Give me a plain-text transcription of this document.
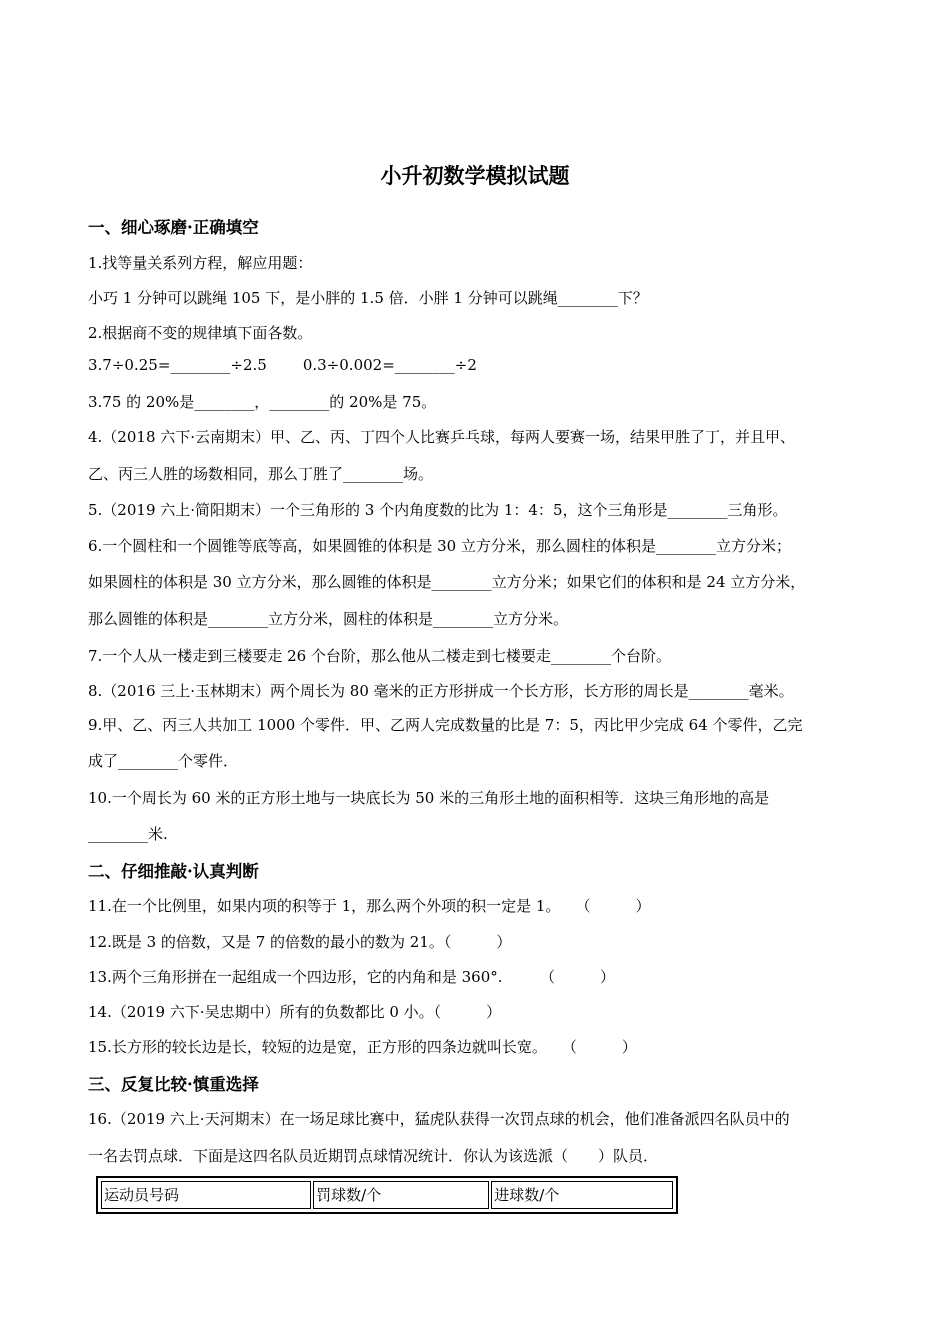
小升初数学模拟试题
一、细心琢磨·正确填空
1.找等量关系列方程，解应用题：
小巧 1 分钟可以跳绳 105 下，是小胖的 1.5 倍．小胖 1 分钟可以跳绳________下？
2.根据商不变的规律填下面各数。
3.7÷0.25=________÷2.5 0.3÷0.002=________÷2
3.75 的 20%是________，________的 20%是 75。
4.（2018 六下·云南期末）甲、乙、丙、丁四个人比赛乒乓球，每两人要赛一场，结果甲胜了丁，并且甲、
乙、丙三人胜的场数相同，那么丁胜了________场。
5.（2019 六上·简阳期末）一个三角形的 3 个内角度数的比为 1：4：5，这个三角形是________三角形。
6.一个圆柱和一个圆锥等底等高，如果圆锥的体积是 30 立方分米，那么圆柱的体积是________立方分米；
如果圆柱的体积是 30 立方分米，那么圆锥的体积是________立方分米；如果它们的体积和是 24 立方分米，
那么圆锥的体积是________立方分米，圆柱的体积是________立方分米。
7.一个人从一楼走到三楼要走 26 个台阶，那么他从二楼走到七楼要走________个台阶。
8.（2016 三上·玉林期末）两个周长为 80 毫米的正方形拼成一个长方形，长方形的周长是________毫米。
9.甲、乙、丙三人共加工 1000 个零件．甲、乙两人完成数量的比是 7：5，丙比甲少完成 64 个零件，乙完
成了________个零件．
10.一个周长为 60 米的正方形土地与一块底长为 50 米的三角形土地的面积相等．这块三角形地的高是
________米.
二、仔细推敲·认真判断
11.在一个比例里，如果内项的积等于 1，那么两个外项的积一定是 1。　　（　　　）
12.既是 3 的倍数，又是 7 的倍数的最小的数为 21。（　　　）
13.两个三角形拼在一起组成一个四边形，它的内角和是 360°.　　　（　　　）
14.（2019 六下·吴忠期中）所有的负数都比 0 小。（　　　）
15.长方形的较长边是长，较短的边是宽，正方形的四条边就叫长宽。　　（　　　）
三、反复比较·慎重选择
16.（2019 六上·天河期末）在一场足球比赛中，猛虎队获得一次罚点球的机会，他们准备派四名队员中的
一名去罚点球．下面是这四名队员近期罚点球情况统计．你认为该选派（　　）队员．
运动员号码	罚球数/个	进球数/个
